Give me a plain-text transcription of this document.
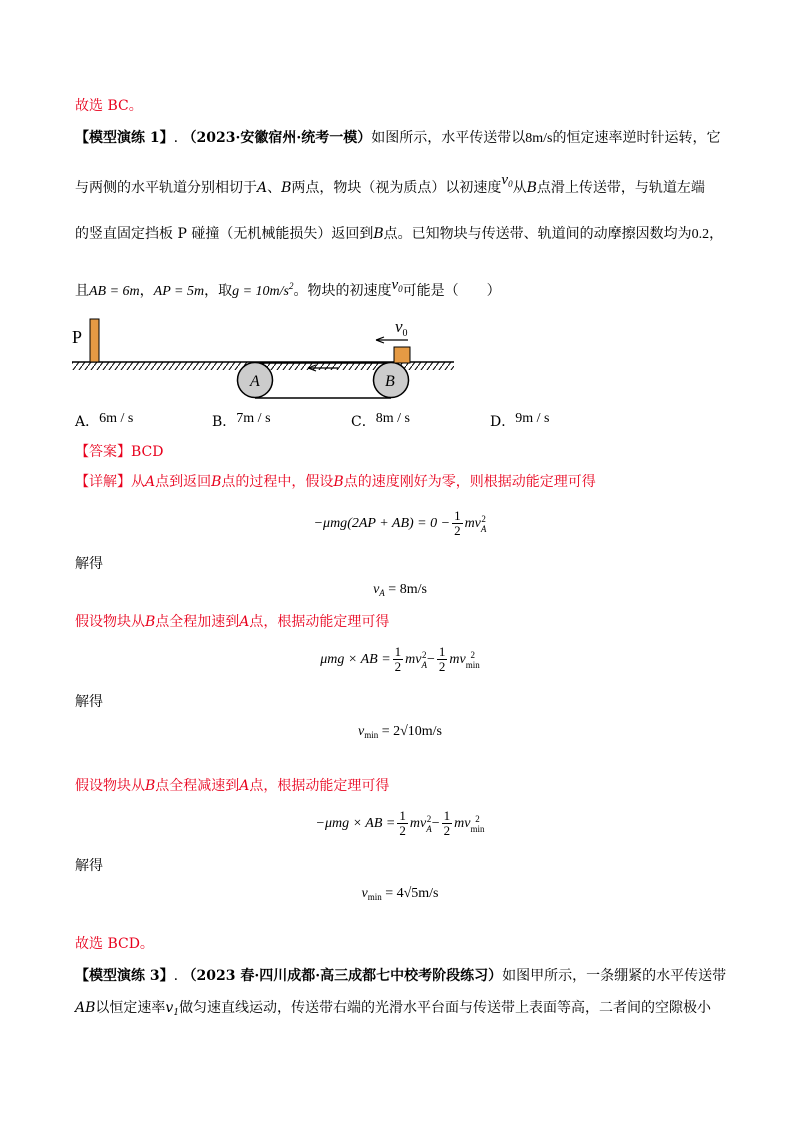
故选 BC。
【模型演练 1】. （2023·安徽宿州·统考一模）如图所示，水平传送带以8m/s的恒定速率逆时针运转，它
与两侧的水平轨道分别相切于A、B两点，物块（视为质点）以初速度$v_0$从B点滑上传送带，与轨道左端
的竖直固定挡板 P 碰撞（无机械能损失）返回到B点。已知物块与传送带、轨道间的动摩擦因数均为0.2，
且AB = 6m，AP = 5m，取$g = 10m/s^2$。物块的初速度$v_0$可能是（　　）
P
A	B
$v_0$
A．6m / s	B．7m / s	C．8m / s	D．9m / s
【答案】BCD
【详解】从A点到返回B点的过程中，假设B点的速度刚好为零，则根据动能定理可得
$-\mu mg(2AP + AB) = 0 - \frac{1}{2}$ mv 2
A
解得
$v_A = 8m/s$
假设物块从B点全程加速到A点，根据动能定理可得
μmg × AB = $\frac{1}{2}$ mv 2
$A - \frac{1}{2}$ mv 2
min
解得
$v_{min} = 2√10m/s$
假设物块从B点全程减速到A点，根据动能定理可得
−μmg × AB = $\frac{1}{2}$ mv 2
$A - \frac{1}{2}$ mv 2
min
解得
$v_{min} = 4√5m/s$
故选 BCD。
【模型演练 3】. （2023 春·四川成都·高三成都七中校考阶段练习）如图甲所示，一条绷紧的水平传送带
AB以恒定速率$v_1$做匀速直线运动，传送带右端的光滑水平台面与传送带上表面等高，二者间的空隙极小
